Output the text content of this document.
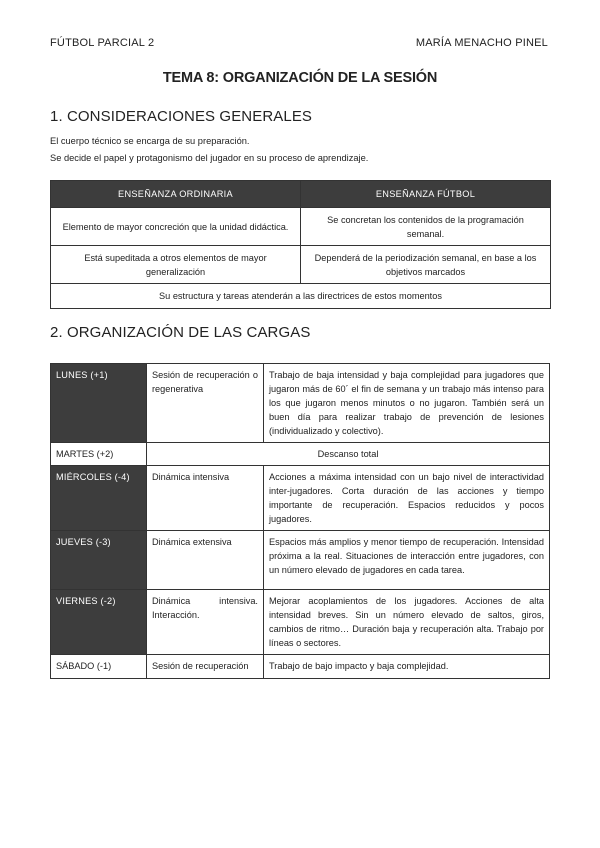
FÚTBOL PARCIAL 2	MARÍA MENACHO PINEL
TEMA 8: ORGANIZACIÓN DE LA SESIÓN
1. CONSIDERACIONES GENERALES
El cuerpo técnico se encarga de su preparación.
Se decide el papel y protagonismo del jugador en su proceso de aprendizaje.
ENSEÑANZA ORDINARIA	ENSEÑANZA FÚTBOL
Elemento de mayor concreción que la unidad didáctica.	Se concretan los contenidos de la programación semanal.
Está supeditada a otros elementos de mayor generalización	Dependerá de la periodización semanal, en base a los objetivos marcados
Su estructura y tareas atenderán a las directrices de estos momentos	
2. ORGANIZACIÓN DE LAS CARGAS
LUNES (+1)	Sesión de recuperación o regenerativa	Trabajo de baja intensidad y baja complejidad para jugadores que jugaron más de 60´ el fin de semana y un trabajo más intenso para los que jugaron menos minutos o no jugaron. También será un buen día para realizar trabajo de prevención de lesiones (individualizado y colectivo).
MARTES (+2)	Descanso total	
MIÉRCOLES (-4)	Dinámica intensiva	Acciones a máxima intensidad con un bajo nivel de interactividad inter-jugadores. Corta duración de las acciones y tiempo importante de recuperación. Espacios reducidos y pocos jugadores.
JUEVES (-3)	Dinámica extensiva	Espacios más amplios y menor tiempo de recuperación. Intensidad próxima a la real. Situaciones de interacción entre jugadores, con un número elevado de jugadores en cada tarea.
VIERNES (-2)	Dinámica intensiva. Interacción.	Mejorar acoplamientos de los jugadores. Acciones de alta intensidad breves. Sin un número elevado de saltos, giros, cambios de ritmo… Duración baja y recuperación alta. Trabajo por líneas o sectores.
SÁBADO (-1)	Sesión de recuperación	Trabajo de bajo impacto y baja complejidad.
